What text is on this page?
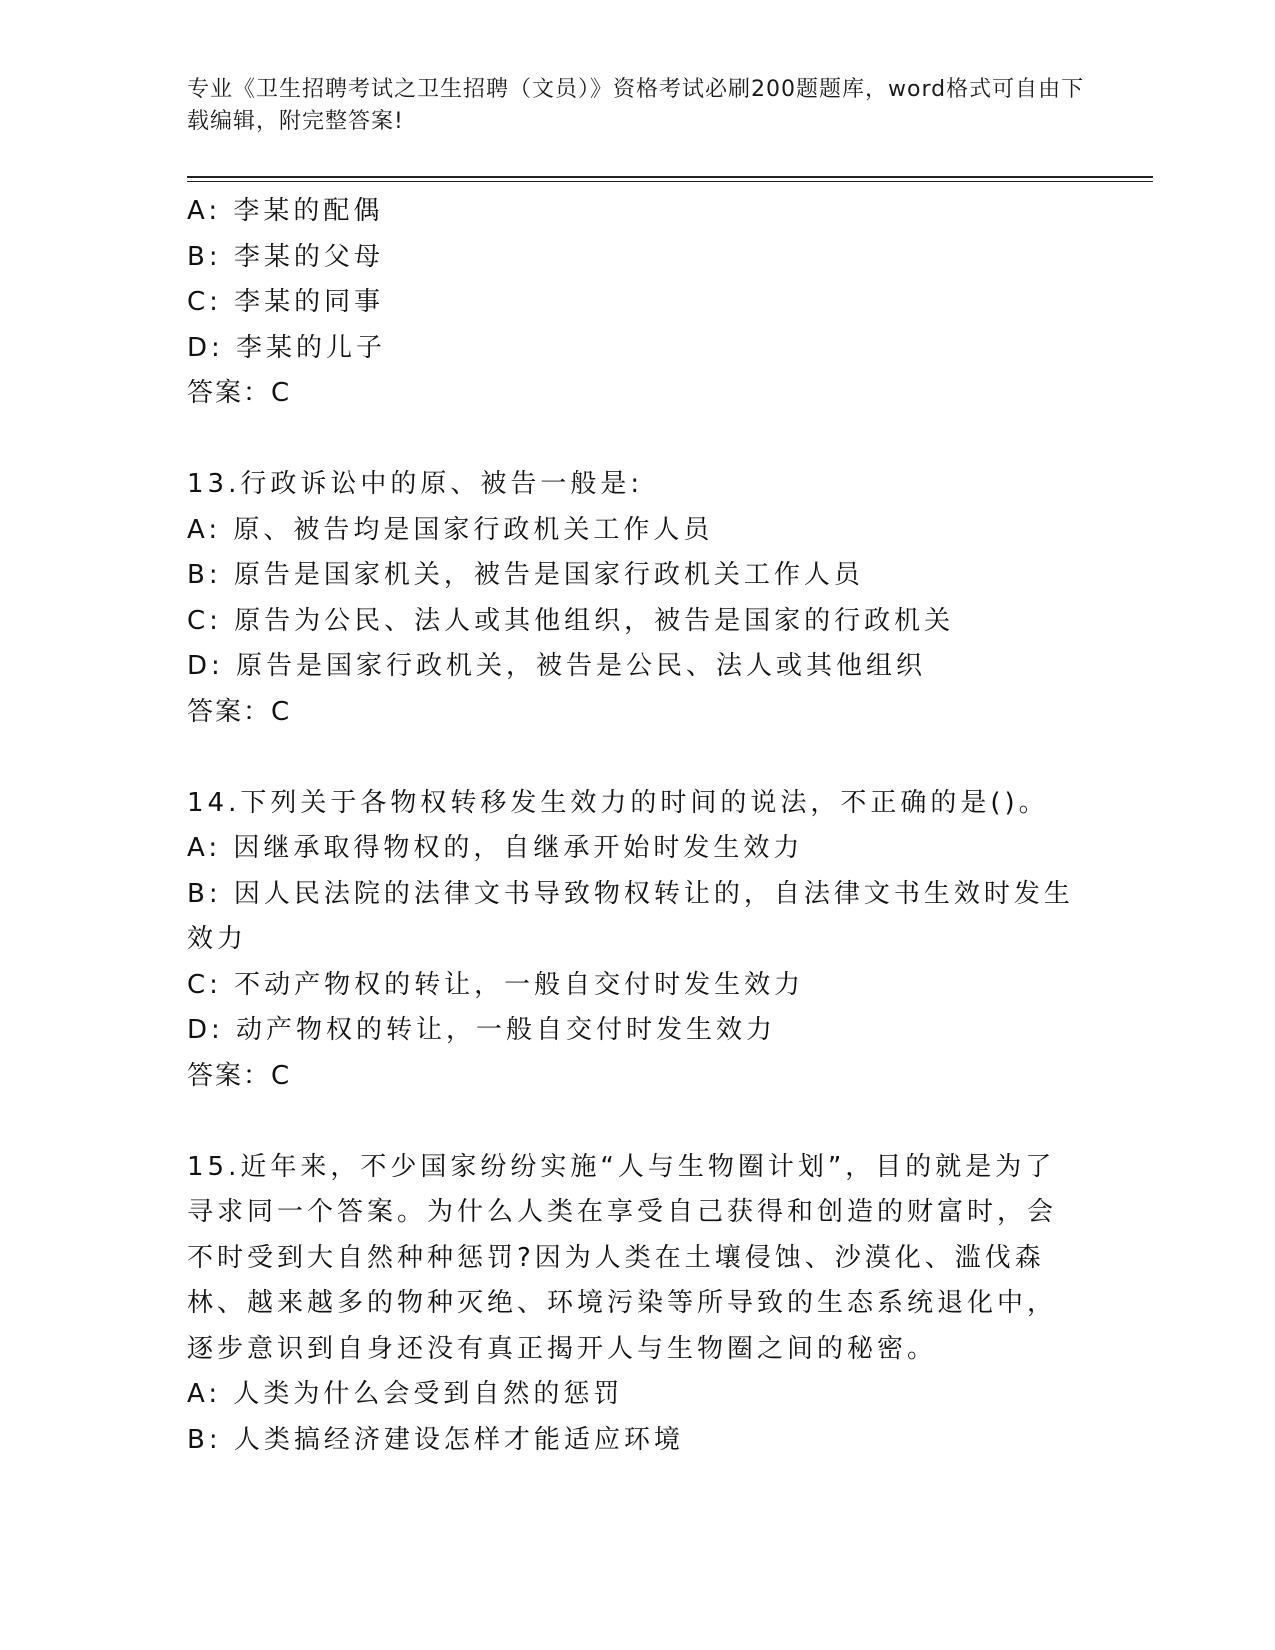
专业《卫生招聘考试之卫生招聘（文员）》资格考试必刷200题题库，word格式可自由下载编辑，附完整答案!
A: 李某的配偶
B: 李某的父母
C: 李某的同事
D: 李某的儿子
答案：C
13.行政诉讼中的原、被告一般是:
A: 原、被告均是国家行政机关工作人员
B: 原告是国家机关，被告是国家行政机关工作人员
C: 原告为公民、法人或其他组织，被告是国家的行政机关
D: 原告是国家行政机关，被告是公民、法人或其他组织
答案：C
14.下列关于各物权转移发生效力的时间的说法，不正确的是()。
A: 因继承取得物权的，自继承开始时发生效力
B: 因人民法院的法律文书导致物权转让的，自法律文书生效时发生效力
C: 不动产物权的转让，一般自交付时发生效力
D: 动产物权的转让，一般自交付时发生效力
答案：C
15.近年来，不少国家纷纷实施“人与生物圈计划”，目的就是为了寻求同一个答案。为什么人类在享受自己获得和创造的财富时，会不时受到大自然种种惩罚?因为人类在土壤侵蚀、沙漠化、滥伐森林、越来越多的物种灭绝、环境污染等所导致的生态系统退化中，逐步意识到自身还没有真正揭开人与生物圈之间的秘密。
A: 人类为什么会受到自然的惩罚
B: 人类搞经济建设怎样才能适应环境
